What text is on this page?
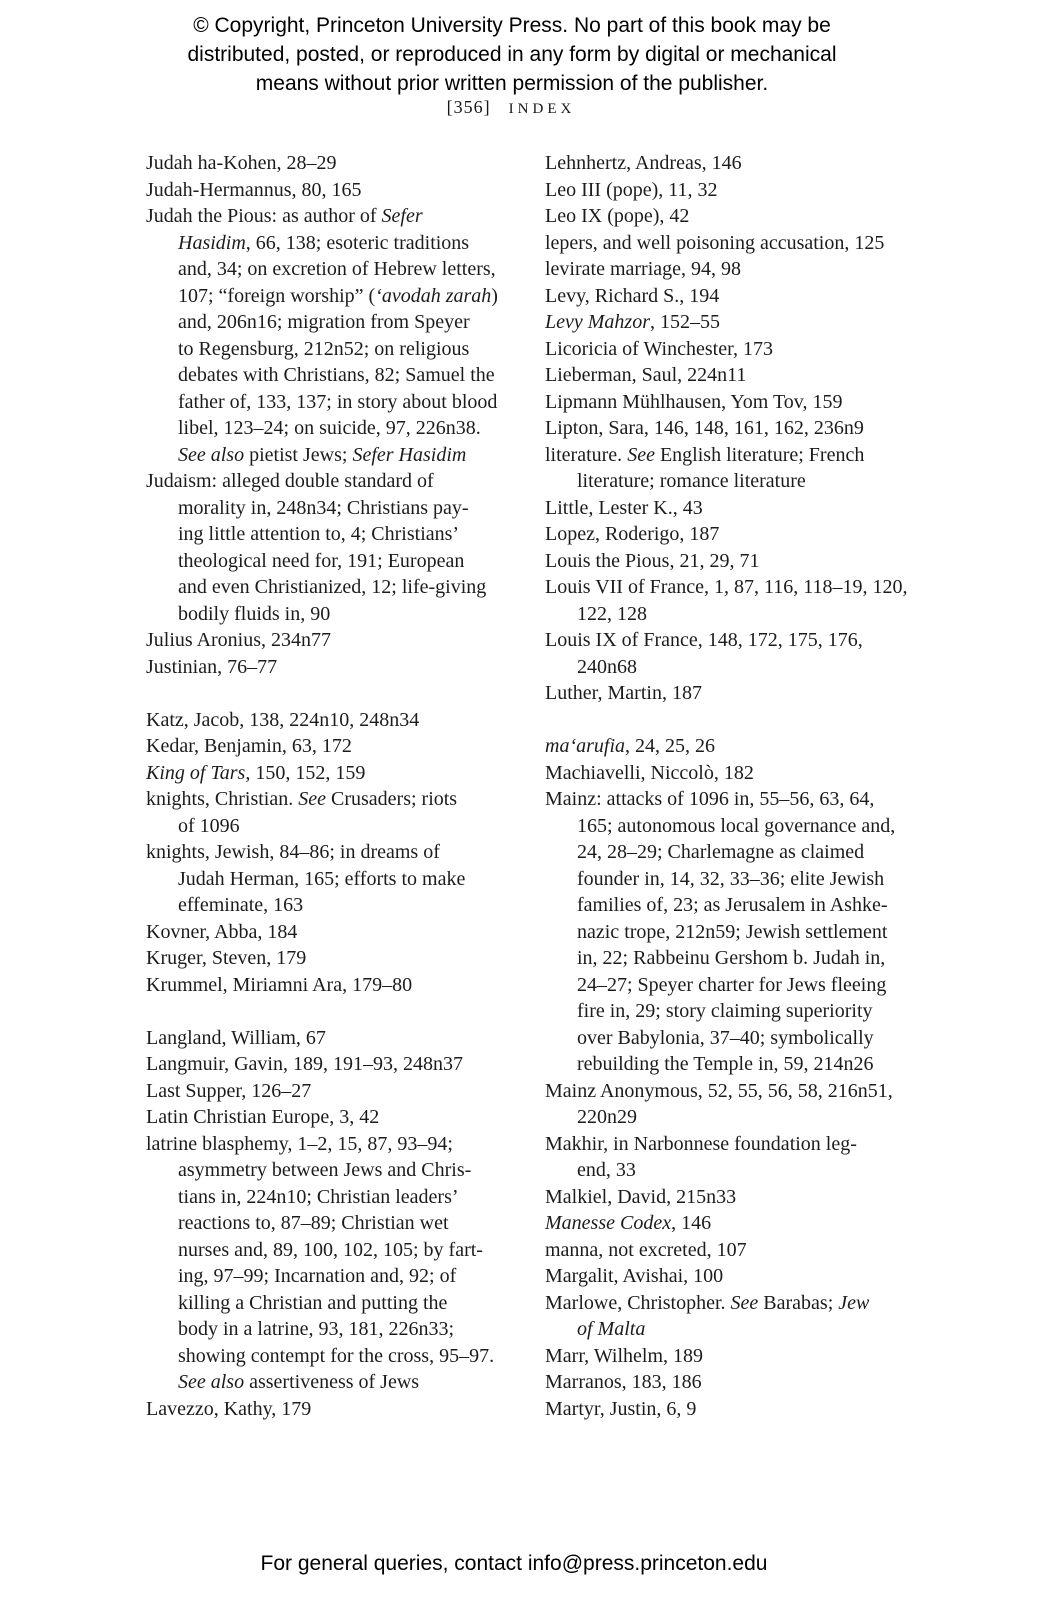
© Copyright, Princeton University Press. No part of this book may be
distributed, posted, or reproduced in any form by digital or mechanical
means without prior written permission of the publisher.
[356] INDEX
Judah ha-Kohen, 28–29
Judah-Hermannus, 80, 165
Judah the Pious: as author of Sefer
Hasidim, 66, 138; esoteric traditions
and, 34; on excretion of Hebrew letters,
107; “foreign worship” (‘avodah zarah)
and, 206n16; migration from Speyer
to Regensburg, 212n52; on religious
debates with Christians, 82; Samuel the
father of, 133, 137; in story about blood
libel, 123–24; on suicide, 97, 226n38.
See also pietist Jews; Sefer Hasidim
Judaism: alleged double standard of
morality in, 248n34; Christians pay-
ing little attention to, 4; Christians’
theological need for, 191; European
and even Christianized, 12; life-giving
bodily fluids in, 90
Julius Aronius, 234n77
Justinian, 76–77
Katz, Jacob, 138, 224n10, 248n34
Kedar, Benjamin, 63, 172
King of Tars, 150, 152, 159
knights, Christian. See Crusaders; riots
of 1096
knights, Jewish, 84–86; in dreams of
Judah Herman, 165; efforts to make
effeminate, 163
Kovner, Abba, 184
Kruger, Steven, 179
Krummel, Miriamni Ara, 179–80
Langland, William, 67
Langmuir, Gavin, 189, 191–93, 248n37
Last Supper, 126–27
Latin Christian Europe, 3, 42
latrine blasphemy, 1–2, 15, 87, 93–94;
asymmetry between Jews and Chris-
tians in, 224n10; Christian leaders’
reactions to, 87–89; Christian wet
nurses and, 89, 100, 102, 105; by fart-
ing, 97–99; Incarnation and, 92; of
killing a Christian and putting the
body in a latrine, 93, 181, 226n33;
showing contempt for the cross, 95–97.
See also assertiveness of Jews
Lavezzo, Kathy, 179
Lehnhertz, Andreas, 146
Leo III (pope), 11, 32
Leo IX (pope), 42
lepers, and well poisoning accusation, 125
levirate marriage, 94, 98
Levy, Richard S., 194
Levy Mahzor, 152–55
Licoricia of Winchester, 173
Lieberman, Saul, 224n11
Lipmann Mühlhausen, Yom Tov, 159
Lipton, Sara, 146, 148, 161, 162, 236n9
literature. See English literature; French
literature; romance literature
Little, Lester K., 43
Lopez, Roderigo, 187
Louis the Pious, 21, 29, 71
Louis VII of France, 1, 87, 116, 118–19, 120,
122, 128
Louis IX of France, 148, 172, 175, 176,
240n68
Luther, Martin, 187
ma‘arufia, 24, 25, 26
Machiavelli, Niccolò, 182
Mainz: attacks of 1096 in, 55–56, 63, 64,
165; autonomous local governance and,
24, 28–29; Charlemagne as claimed
founder in, 14, 32, 33–36; elite Jewish
families of, 23; as Jerusalem in Ashke-
nazic trope, 212n59; Jewish settlement
in, 22; Rabbeinu Gershom b. Judah in,
24–27; Speyer charter for Jews fleeing
fire in, 29; story claiming superiority
over Babylonia, 37–40; symbolically
rebuilding the Temple in, 59, 214n26
Mainz Anonymous, 52, 55, 56, 58, 216n51,
220n29
Makhir, in Narbonnese foundation leg-
end, 33
Malkiel, David, 215n33
Manesse Codex, 146
manna, not excreted, 107
Margalit, Avishai, 100
Marlowe, Christopher. See Barabas; Jew
of Malta
Marr, Wilhelm, 189
Marranos, 183, 186
Martyr, Justin, 6, 9
For general queries, contact info@press.princeton.edu
